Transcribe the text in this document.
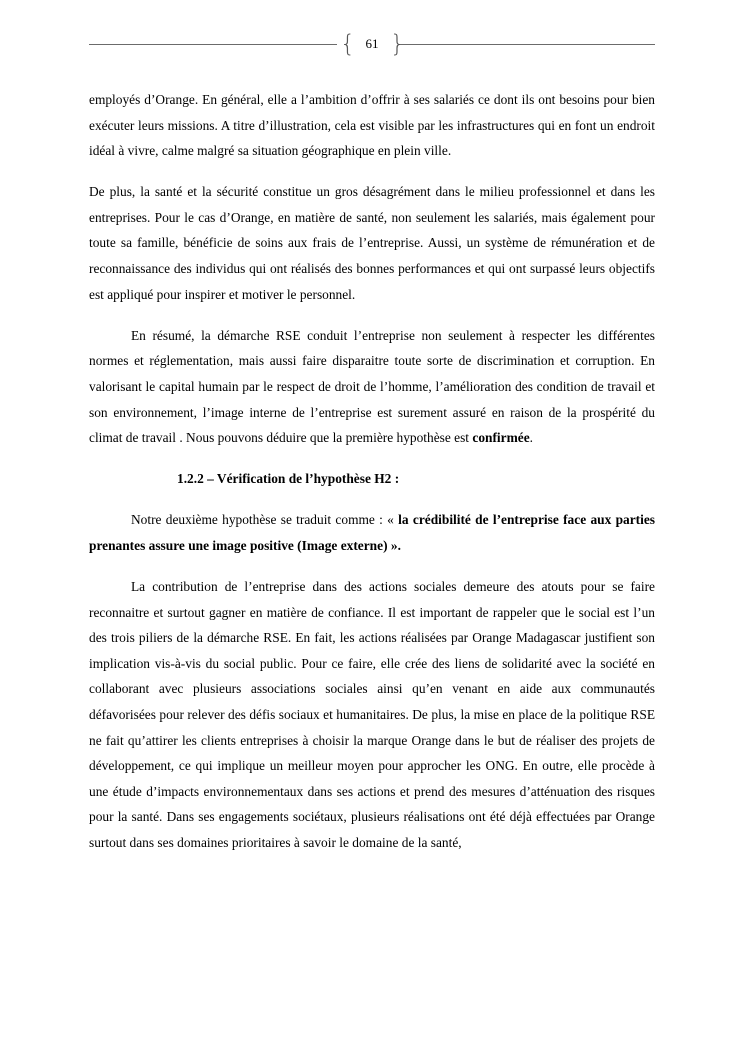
{ 61 }

employés d’Orange. En général, elle a l’ambition d’offrir à ses salariés ce dont ils ont besoins pour bien exécuter leurs missions. A titre d’illustration, cela est visible par les infrastructures qui en font un endroit idéal à vivre, calme malgré sa situation géographique en plein ville.

De plus, la santé et la sécurité constitue un gros désagrément dans le milieu professionnel et dans les entreprises. Pour le cas d’Orange, en matière de santé, non seulement les salariés, mais également pour toute sa famille, bénéficie de soins aux frais de l’entreprise. Aussi, un système de rémunération et de reconnaissance des individus qui ont réalisés des bonnes performances et qui ont surpassé leurs objectifs est appliqué pour inspirer et motiver le personnel.

En résumé, la démarche RSE conduit l’entreprise non seulement à respecter les différentes normes et réglementation, mais aussi faire disparaitre toute sorte de discrimination et corruption. En valorisant le capital humain par le respect de droit de l’homme, l’amélioration des condition de travail et son environnement, l’image interne de l’entreprise est surement assuré en raison de la prospérité du climat de travail . Nous pouvons déduire que la première hypothèse est confirmée.

1.2.2 – Vérification de l’hypothèse H2 :

Notre deuxième hypothèse se traduit comme : « la crédibilité de l’entreprise face aux parties prenantes assure une image positive (Image externe) ».

La contribution de l’entreprise dans des actions sociales demeure des atouts pour se faire reconnaitre et surtout gagner en matière de confiance. Il est important de rappeler que le social est l’un des trois piliers de la démarche RSE. En fait, les actions réalisées par Orange Madagascar justifient son implication vis-à-vis du social public. Pour ce faire, elle crée des liens de solidarité avec la société en collaborant avec plusieurs associations sociales ainsi qu’en venant en aide aux communautés défavorisées pour relever des défis sociaux et humanitaires. De plus, la mise en place de la politique RSE ne fait qu’attirer les clients entreprises à choisir la marque Orange dans le but de réaliser des projets de développement, ce qui implique un meilleur moyen pour approcher les ONG. En outre, elle procède à une étude d’impacts environnementaux dans ses actions et prend des mesures d’atténuation des risques pour la santé. Dans ses engagements sociétaux, plusieurs réalisations ont été déjà effectuées par Orange surtout dans ses domaines prioritaires à savoir le domaine de la santé,
